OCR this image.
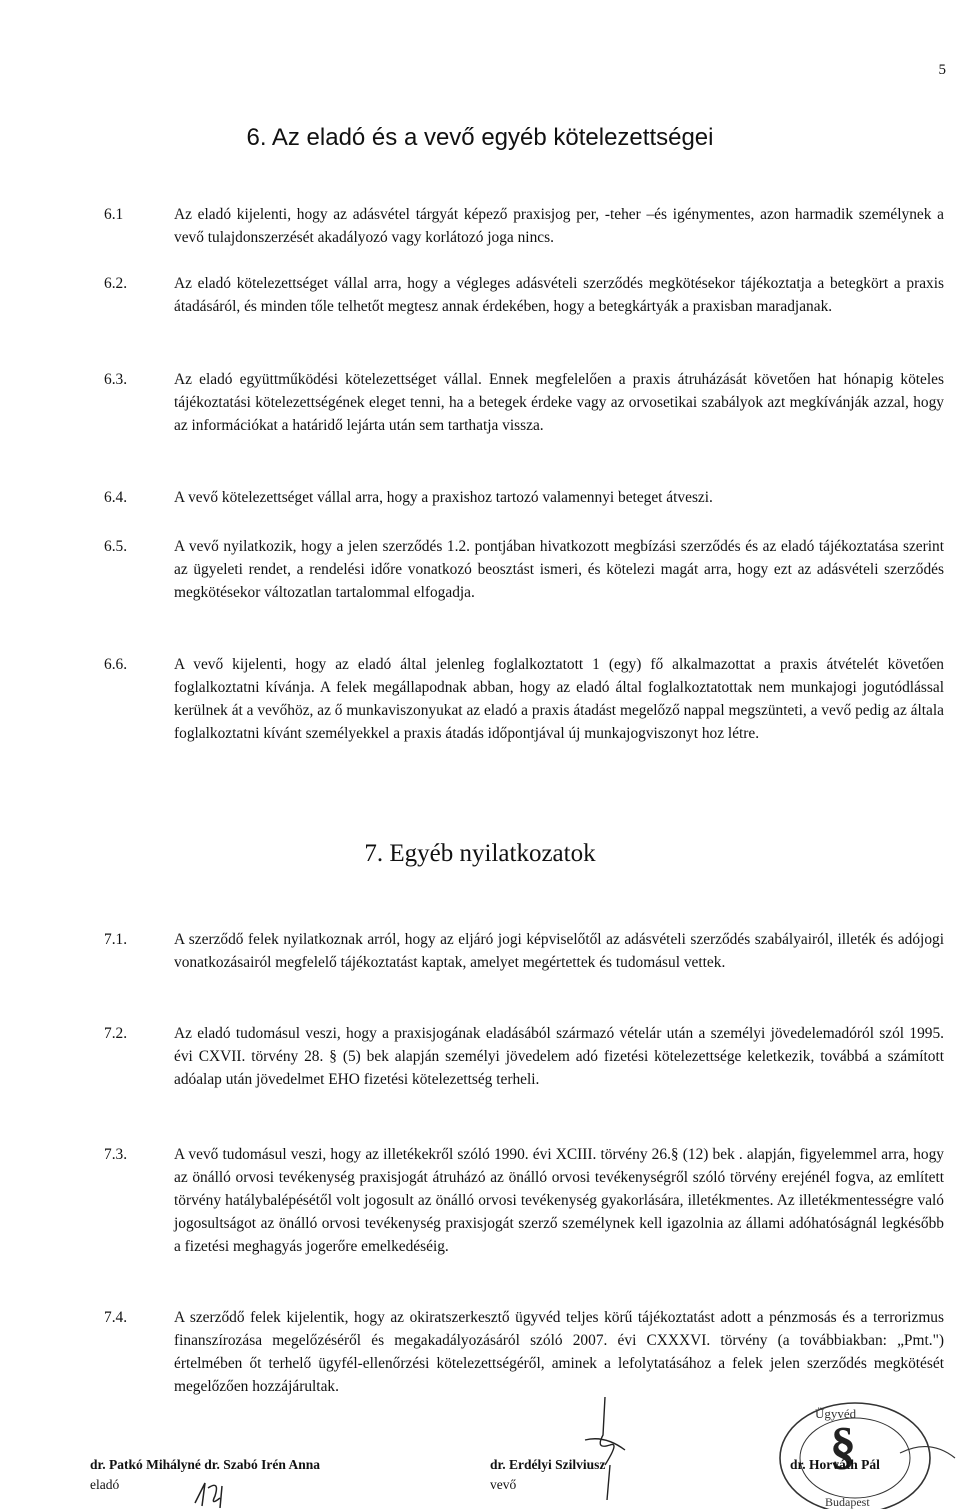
5
6. Az eladó és a vevő egyéb kötelezettségei
6.1	Az eladó kijelenti, hogy az adásvétel tárgyát képező praxisjog per, -teher –és igénymentes, azon harmadik személynek a vevő tulajdonszerzését akadályozó vagy korlátozó joga nincs.
6.2.	Az eladó kötelezettséget vállal arra, hogy a végleges adásvételi szerződés megkötésekor tájékoztatja a betegkört a praxis átadásáról, és minden tőle telhetőt megtesz annak érdekében, hogy a betegkártyák a praxisban maradjanak.
6.3.	Az eladó együttműködési kötelezettséget vállal. Ennek megfelelően a praxis átruházását követően hat hónapig köteles tájékoztatási kötelezettségének eleget tenni, ha a betegek érdeke vagy az orvosetikai szabályok azt megkívánják azzal, hogy az információkat a határidő lejárta után sem tarthatja vissza.
6.4.	A vevő kötelezettséget vállal arra, hogy a praxishoz tartozó valamennyi beteget átveszi.
6.5.	A vevő nyilatkozik, hogy a jelen szerződés 1.2. pontjában hivatkozott megbízási szerződés és az eladó tájékoztatása szerint az ügyeleti rendet, a rendelési időre vonatkozó beosztást ismeri, és kötelezi magát arra, hogy ezt az adásvételi szerződés megkötésekor változatlan tartalommal elfogadja.
6.6.	A vevő kijelenti, hogy az eladó által jelenleg foglalkoztatott 1 (egy) fő alkalmazottat a praxis átvételét követően foglalkoztatni kívánja. A felek megállapodnak abban, hogy az eladó által foglalkoztatottak nem munkajogi jogutódlással kerülnek át a vevőhöz, az ő munkaviszonyukat az eladó a praxis átadást megelőző nappal megszünteti, a vevő pedig az általa foglalkoztatni kívánt személyekkel a praxis átadás időpontjával új munkajogviszonyt hoz létre.
7. Egyéb nyilatkozatok
7.1.	A szerződő felek nyilatkoznak arról, hogy az eljáró jogi képviselőtől az adásvételi szerződés szabályairól, illeték és adójogi vonatkozásairól megfelelő tájékoztatást kaptak, amelyet megértettek és tudomásul vettek.
7.2.	Az eladó tudomásul veszi, hogy a praxisjogának eladásából származó vételár után a személyi jövedelemadóról szól 1995. évi CXVII. törvény 28. § (5) bek alapján személyi jövedelem adó fizetési kötelezettsége keletkezik, továbbá a számított adóalap után jövedelmet EHO fizetési kötelezettség terheli.
7.3.	A vevő tudomásul veszi, hogy az illetékekről szóló 1990. évi XCIII. törvény 26.§ (12) bek . alapján, figyelemmel arra, hogy az önálló orvosi tevékenység praxisjogát átruházó az önálló orvosi tevékenységről szóló törvény erejénél fogva, az említett törvény hatálybalépésétől volt jogosult az önálló orvosi tevékenység gyakorlására, illetékmentes. Az illetékmentességre való jogosultságot az önálló orvosi tevékenység praxisjogát szerző személynek kell igazolnia az állami adóhatóságnál legkésőbb a fizetési meghagyás jogerőre emelkedéséig.
7.4.	A szerződő felek kijelentik, hogy az okiratszerkesztő ügyvéd teljes körű tájékoztatást adott a pénzmosás és a terrorizmus finanszírozása megelőzéséről és megakadályozásáról szóló 2007. évi CXXXVI. törvény (a továbbiakban: „Pmt.") értelmében őt terhelő ügyfél-ellenőrzési kötelezettségéről, aminek a lefolytatásához a felek jelen szerződés megkötését megelőzően hozzájárultak.
dr. Patkó Mihályné dr. Szabó Irén Anna
eladó
dr. Erdélyi Szilviusz
vevő
dr. Horváth Pál
§
Ügyvéd
Budapest
